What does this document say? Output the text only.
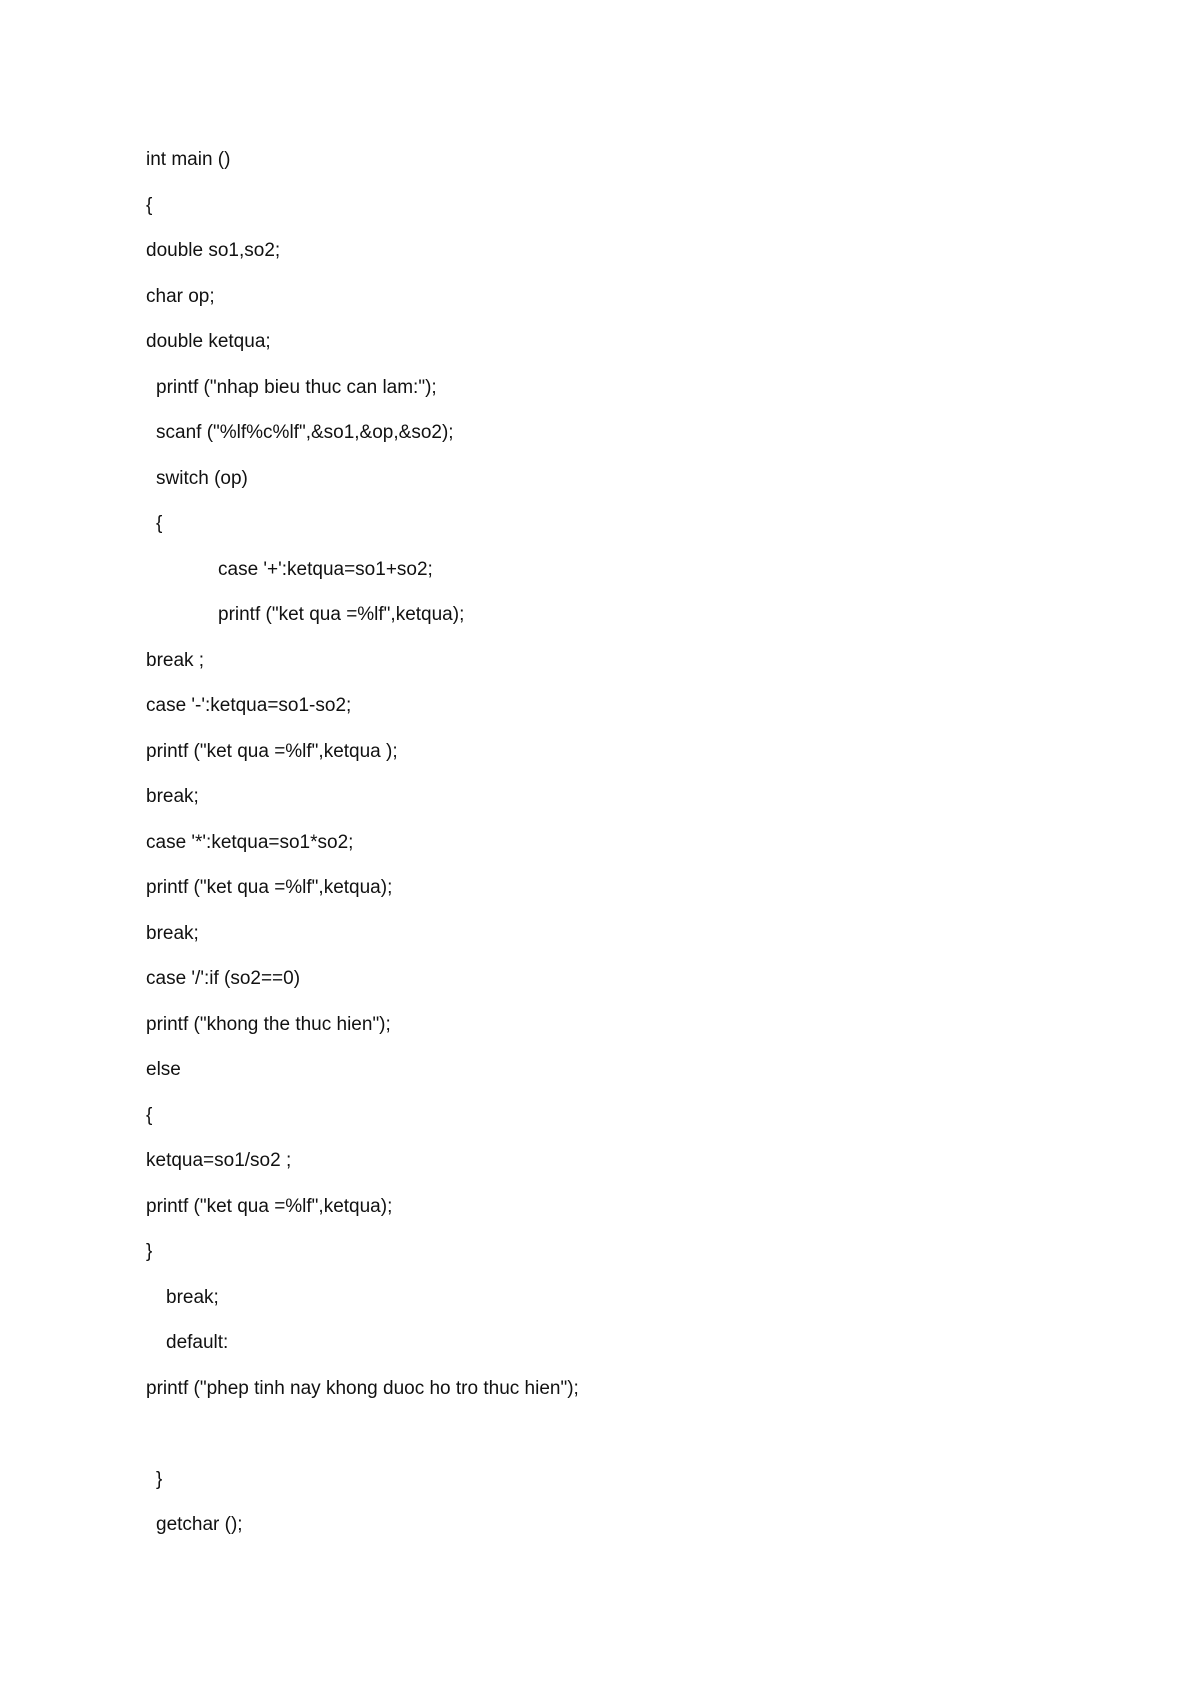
int main ()
{
double so1,so2;
char op;
double ketqua;
printf ("nhap bieu thuc can lam:");
scanf ("%lf%c%lf",&so1,&op,&so2);
switch (op)
{
case '+':ketqua=so1+so2;
printf ("ket qua =%lf",ketqua);
break ;
case '-':ketqua=so1-so2;
printf ("ket qua =%lf",ketqua );
break;
case '*':ketqua=so1*so2;
printf ("ket qua =%lf",ketqua);
break;
case '/':if (so2==0)
printf ("khong the thuc hien");
else
{
ketqua=so1/so2 ;
printf ("ket qua =%lf",ketqua);
}
break;
default:
printf ("phep tinh nay khong duoc ho tro thuc hien");
}
getchar ();
